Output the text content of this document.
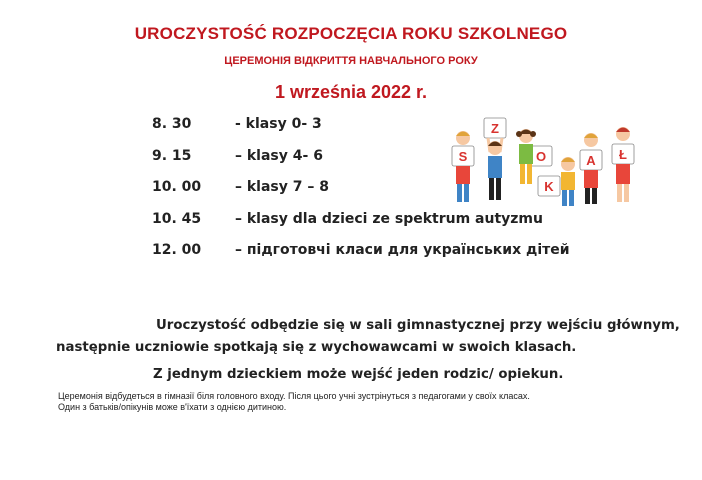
UROCZYSTOŚĆ ROZPOCZĘCIA ROKU SZKOLNEGO
ЦЕРЕМОНІЯ ВІДКРИТТЯ НАВЧАЛЬНОГО РОКУ
1 września 2022 r.
8. 30	- klasy 0- 3
9. 15	– klasy 4- 6
10. 00	– klasy 7 – 8
10. 45	– klasy dla dzieci ze spektrum autyzmu
12. 00	– підготовчі класи для українських дітей
S
Z
O
K
A Ł
Uroczystość odbędzie się w sali gimnastycznej przy wejściu głównym,
następnie uczniowie spotkają się z wychowawcami w swoich klasach.
Z jednym dzieckiem może wejść jeden rodzic/ opiekun.
Церемонія відбудеться в гімназії біля головного входу. Після цього учні зустрінуться з педагогами у своїх класах.
Один з батьків/опікунів може в'їхати з однією дитиною.
